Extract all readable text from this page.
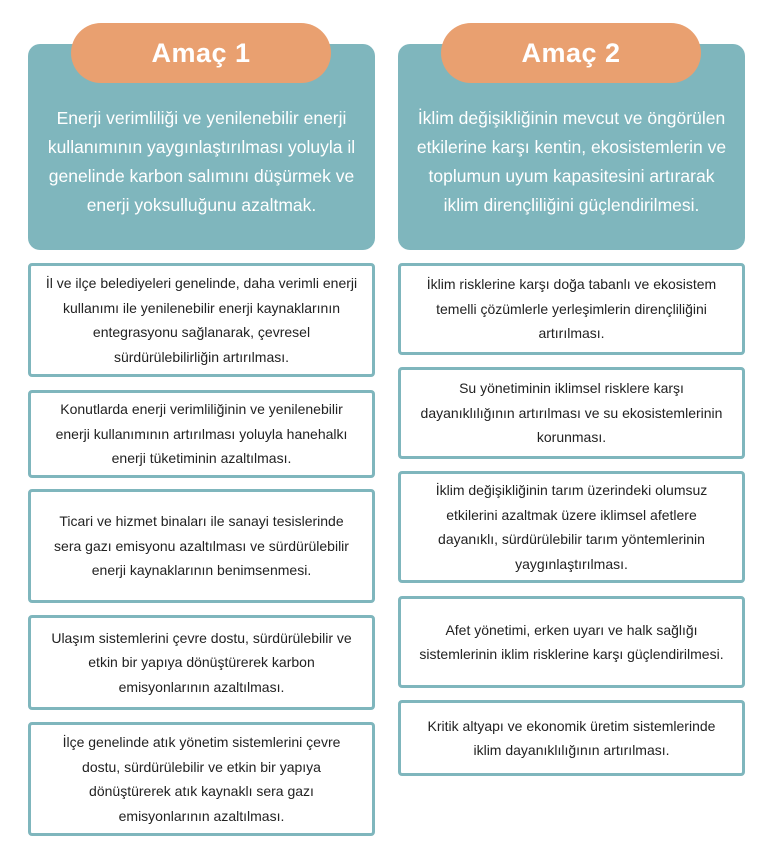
Enerji verimliliği ve yenilenebilir enerji kullanımının yaygınlaştırılması yoluyla il genelinde karbon salımını düşürmek ve enerji yoksulluğunu azaltmak.
Amaç 1
İl ve ilçe belediyeleri genelinde, daha verimli enerji kullanımı ile yenilenebilir enerji kaynaklarının entegrasyonu sağlanarak, çevresel sürdürülebilirliğin artırılması.
Konutlarda enerji verimliliğinin ve yenilenebilir enerji kullanımının artırılması yoluyla hanehalkı enerji tüketiminin azaltılması.
Ticari ve hizmet binaları ile sanayi tesislerinde sera gazı emisyonu azaltılması ve sürdürülebilir enerji kaynaklarının benimsenmesi.
Ulaşım sistemlerini çevre dostu, sürdürülebilir ve etkin bir yapıya dönüştürerek karbon emisyonlarının azaltılması.
İlçe genelinde atık yönetim sistemlerini çevre dostu, sürdürülebilir ve etkin bir yapıya dönüştürerek atık kaynaklı sera gazı emisyonlarının azaltılması.
İklim değişikliğinin mevcut ve öngörülen etkilerine karşı kentin, ekosistemlerin ve toplumun uyum kapasitesini artırarak iklim dirençliliğini güçlendirilmesi.
Amaç 2
İklim risklerine karşı doğa tabanlı ve ekosistem temelli çözümlerle yerleşimlerin dirençliliğini artırılması.
Su yönetiminin iklimsel risklere karşı dayanıklılığının artırılması ve su ekosistemlerinin korunması.
İklim değişikliğinin tarım üzerindeki olumsuz etkilerini azaltmak üzere iklimsel afetlere dayanıklı, sürdürülebilir tarım yöntemlerinin yaygınlaştırılması.
Afet yönetimi, erken uyarı ve halk sağlığı sistemlerinin iklim risklerine karşı güçlendirilmesi.
Kritik altyapı ve ekonomik üretim sistemlerinde iklim dayanıklılığının artırılması.
